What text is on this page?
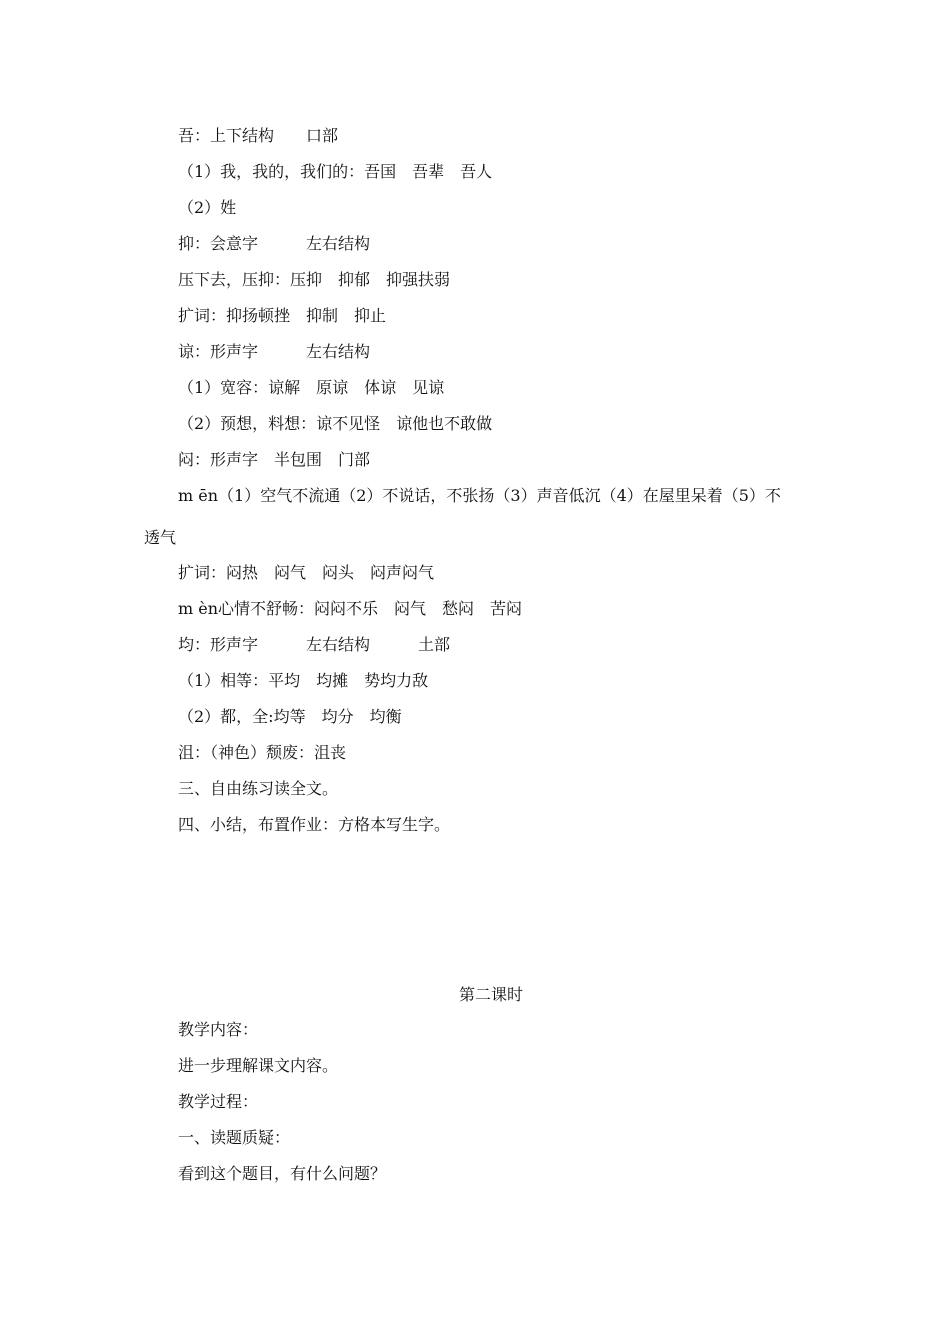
吾：上下结构　　口部
（1）我，我的，我们的：吾国　吾辈　吾人
（2）姓
抑：会意字　　　左右结构
压下去，压抑：压抑　抑郁　抑强扶弱
扩词：抑扬顿挫　抑制　抑止
谅：形声字　　　左右结构
（1）宽容：谅解　原谅　体谅　见谅
（2）预想，料想：谅不见怪　谅他也不敢做
闷：形声字　半包围　门部
m ēn（1）空气不流通（2）不说话，不张扬（3）声音低沉（4）在屋里呆着（5）不
透气
扩词：闷热　闷气　闷头　闷声闷气
m èn心情不舒畅：闷闷不乐　闷气　愁闷　苦闷
均：形声字　　　左右结构　　　土部
（1）相等：平均　均摊　势均力敌
（2）都，全:均等　均分　均衡
沮：（神色）颓废：沮丧
三、自由练习读全文。
四、小结，布置作业：方格本写生字。
第二课时
教学内容：
进一步理解课文内容。
教学过程：
一、读题质疑：
看到这个题目，有什么问题？
